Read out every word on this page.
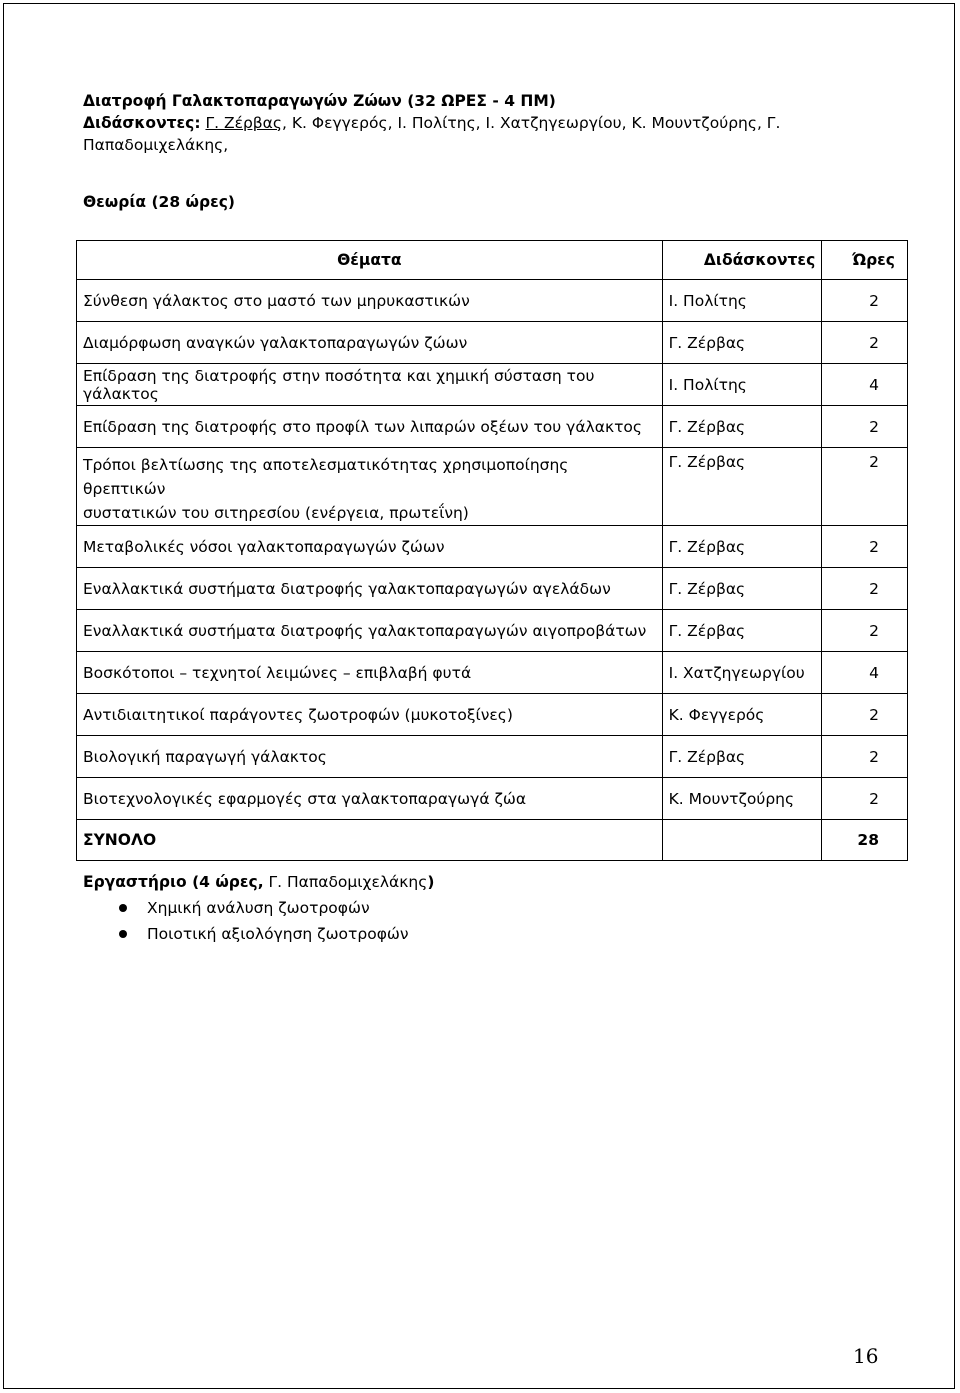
Διατροφή Γαλακτοπαραγωγών Ζώων (32 ΩΡΕΣ - 4 ΠΜ)
Διδάσκοντες: Γ. Ζέρβας, Κ. Φεγγερός, Ι. Πολίτης, Ι. Χατζηγεωργίου, Κ. Μουντζούρης, Γ.
Παπαδομιχελάκης,
Θεωρία (28 ώρες)
Θέματα	Διδάσκοντες	Ώρες
Σύνθεση γάλακτος στο μαστό των μηρυκαστικών	Ι. Πολίτης	2
Διαμόρφωση αναγκών γαλακτοπαραγωγών ζώων	Γ. Ζέρβας	2
Επίδραση της διατροφής στην ποσότητα και χημική σύσταση του γάλακτος	Ι. Πολίτης	4
Επίδραση της διατροφής στο προφίλ των λιπαρών οξέων του γάλακτος	Γ. Ζέρβας	2
Τρόποι βελτίωσης της αποτελεσματικότητας χρησιμοποίησης θρεπτικών
συστατικών του σιτηρεσίου (ενέργεια, πρωτεΐνη)	Γ. Ζέρβας	2
Μεταβολικές νόσοι γαλακτοπαραγωγών ζώων	Γ. Ζέρβας	2
Εναλλακτικά συστήματα διατροφής γαλακτοπαραγωγών αγελάδων	Γ. Ζέρβας	2
Εναλλακτικά συστήματα διατροφής γαλακτοπαραγωγών αιγοπροβάτων	Γ. Ζέρβας	2
Βοσκότοποι – τεχνητοί λειμώνες – επιβλαβή φυτά	Ι. Χατζηγεωργίου	4
Αντιδιαιτητικοί παράγοντες ζωοτροφών (μυκοτοξίνες)	Κ. Φεγγερός	2
Βιολογική παραγωγή γάλακτος	Γ. Ζέρβας	2
Βιοτεχνολογικές εφαρμογές στα γαλακτοπαραγωγά ζώα	Κ. Μουντζούρης	2
ΣΥΝΟΛΟ		28
Εργαστήριο (4 ώρες, Γ. Παπαδομιχελάκης)
Χημική ανάλυση ζωοτροφών
Ποιοτική αξιολόγηση ζωοτροφών
16
